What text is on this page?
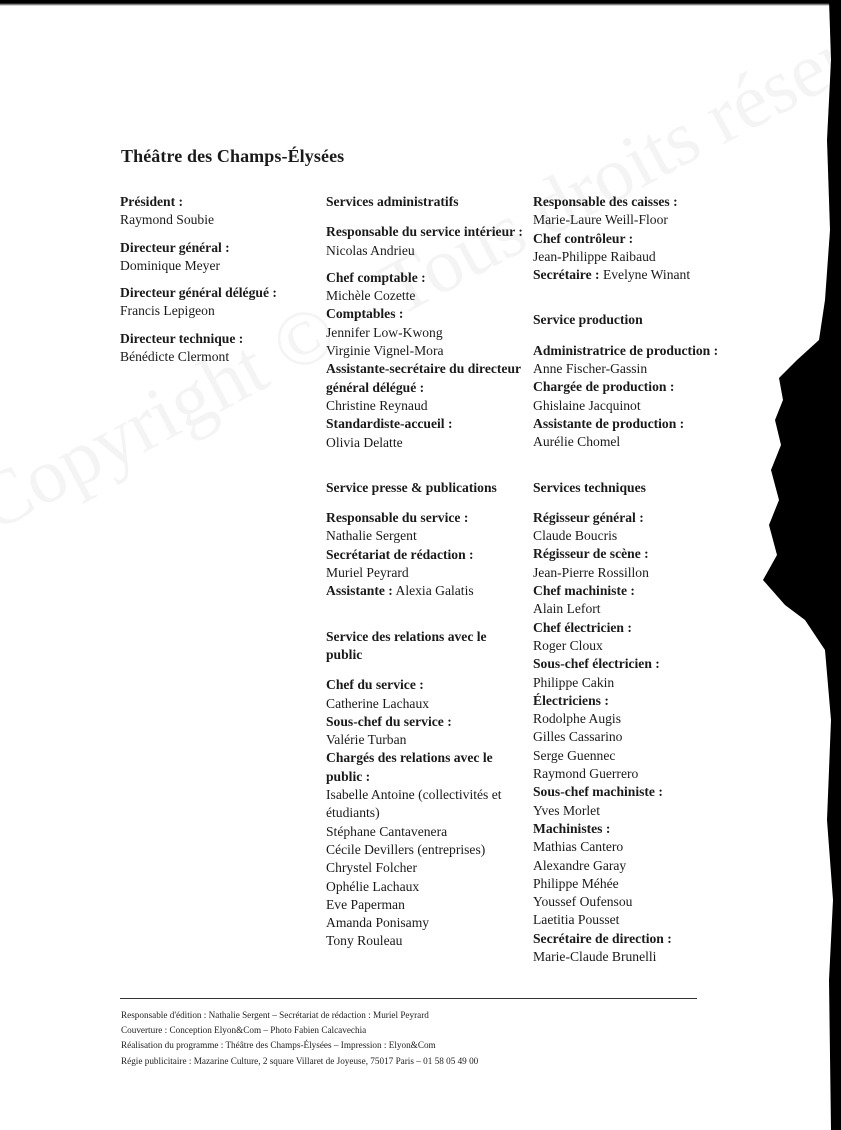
Théâtre des Champs-Élysées
Président :
Raymond Soubie
Directeur général :
Dominique Meyer
Directeur général délégué :
Francis Lepigeon
Directeur technique :
Bénédicte Clermont
Services administratifs
Responsable du service intérieur :
Nicolas Andrieu
Chef comptable :
Michèle Cozette
Comptables :
Jennifer Low-Kwong
Virginie Vignel-Mora
Assistante-secrétaire du directeur général délégué :
Christine Reynaud
Standardiste-accueil :
Olivia Delatte
Service presse & publications
Responsable du service :
Nathalie Sergent
Secrétariat de rédaction :
Muriel Peyrard
Assistante : Alexia Galatis
Service des relations avec le public
Chef du service :
Catherine Lachaux
Sous-chef du service :
Valérie Turban
Chargés des relations avec le public :
Isabelle Antoine (collectivités et étudiants)
Stéphane Cantavenera
Cécile Devillers (entreprises)
Chrystel Folcher
Ophélie Lachaux
Eve Paperman
Amanda Ponisamy
Tony Rouleau
Responsable des caisses :
Marie-Laure Weill-Floor
Chef contrôleur :
Jean-Philippe Raibaud
Secrétaire : Evelyne Winant
Service production
Administratrice de production :
Anne Fischer-Gassin
Chargée de production :
Ghislaine Jacquinot
Assistante de production :
Aurélie Chomel
Services techniques
Régisseur général :
Claude Boucris
Régisseur de scène :
Jean-Pierre Rossillon
Chef machiniste :
Alain Lefort
Chef électricien :
Roger Cloux
Sous-chef électricien :
Philippe Cakin
Électriciens :
Rodolphe Augis
Gilles Cassarino
Serge Guennec
Raymond Guerrero
Sous-chef machiniste :
Yves Morlet
Machinistes :
Mathias Cantero
Alexandre Garay
Philippe Méhée
Youssef Oufensou
Laetitia Pousset
Secrétaire de direction :
Marie-Claude Brunelli
Responsable d'édition : Nathalie Sergent – Secrétariat de rédaction : Muriel Peyrard
Couverture : Conception Elyon&Com – Photo Fabien Calcavechia
Réalisation du programme : Théâtre des Champs-Élysées – Impression : Elyon&Com
Régie publicitaire : Mazarine Culture, 2 square Villaret de Joyeuse, 75017 Paris – 01 58 05 49 00
